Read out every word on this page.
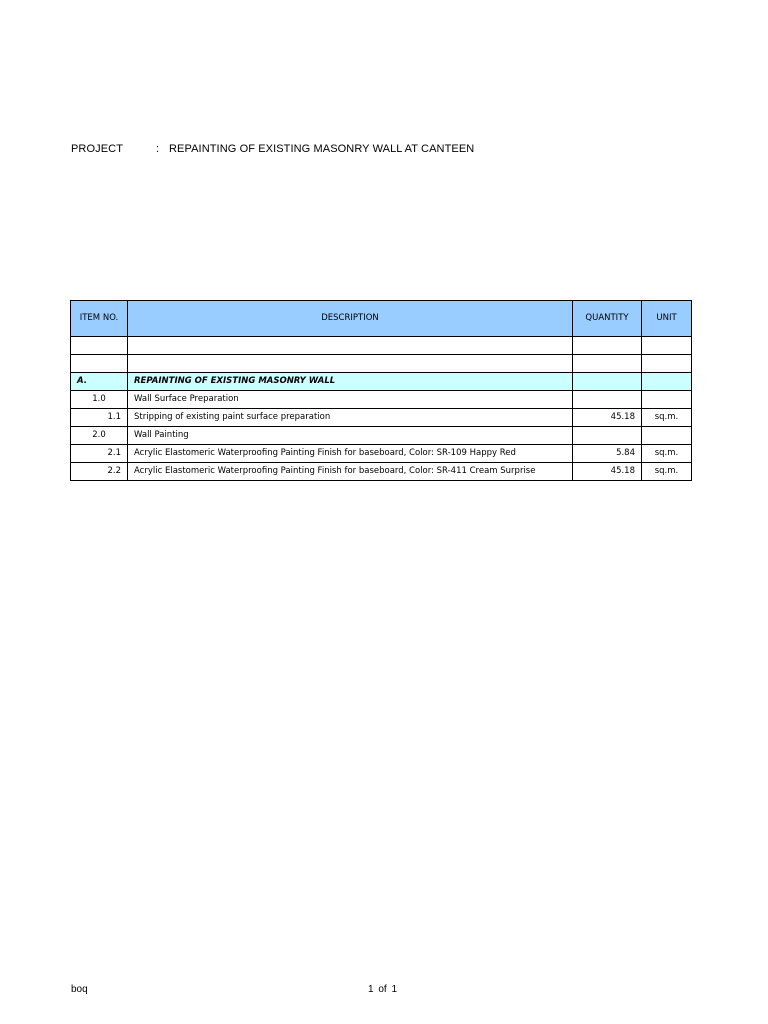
PROJECT	: REPAINTING OF EXISTING MASONRY WALL AT CANTEEN
ITEM NO.	DESCRIPTION	QUANTITY	UNIT

A.	REPAINTING OF EXISTING MASONRY WALL		
1.0	Wall Surface Preparation		
1.1	Stripping of existing paint surface preparation	45.18	sq.m.
2.0	Wall Painting		
2.1	Acrylic Elastomeric Waterproofing Painting Finish for baseboard, Color: SR-109 Happy Red	5.84	sq.m.
2.2	Acrylic Elastomeric Waterproofing Painting Finish for baseboard, Color: SR-411 Cream Surprise	45.18	sq.m.
boq	1 of 1
